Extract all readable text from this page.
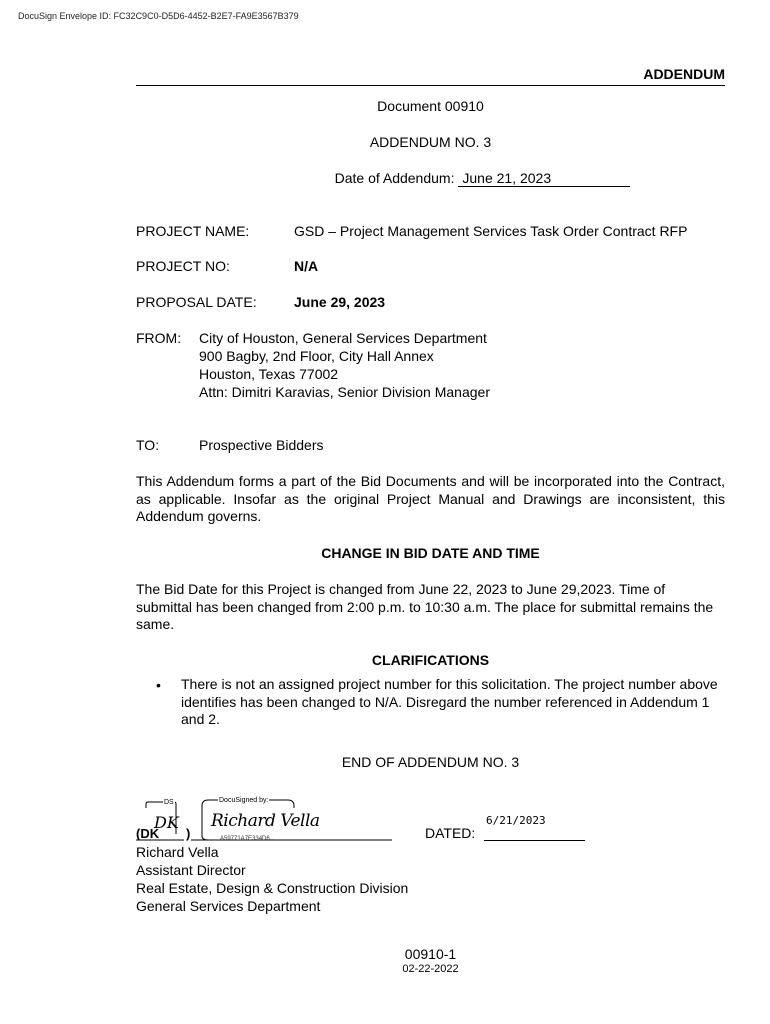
DocuSign Envelope ID: FC32C9C0-D5D6-4452-B2E7-FA9E3567B379
ADDENDUM
Document 00910
ADDENDUM NO. 3
Date of Addendum: June 21, 2023
PROJECT NAME:	GSD – Project Management Services Task Order Contract RFP
PROJECT NO:	N/A
PROPOSAL DATE:	June 29, 2023
FROM: City of Houston, General Services Department
900 Bagby, 2nd Floor, City Hall Annex
Houston, Texas 77002
Attn: Dimitri Karavias, Senior Division Manager
TO:	Prospective Bidders
This Addendum forms a part of the Bid Documents and will be incorporated into the Contract, as applicable. Insofar as the original Project Manual and Drawings are inconsistent, this Addendum governs.
CHANGE IN BID DATE AND TIME
The Bid Date for this Project is changed from June 22, 2023 to June 29,2023. Time of submittal has been changed from 2:00 p.m. to 10:30 a.m. The place for submittal remains the same.
CLARIFICATIONS
• There is not an assigned project number for this solicitation. The project number above identifies has been changed to N/A. Disregard the number referenced in Addendum 1 and 2.
END OF ADDENDUM NO. 3
DS	DocuSigned by:
DK Richard Vella
A59771A7E334D6...
(DK )	DATED:
6/21/2023
Richard Vella
Assistant Director
Real Estate, Design & Construction Division
General Services Department
00910-1
02-22-2022
